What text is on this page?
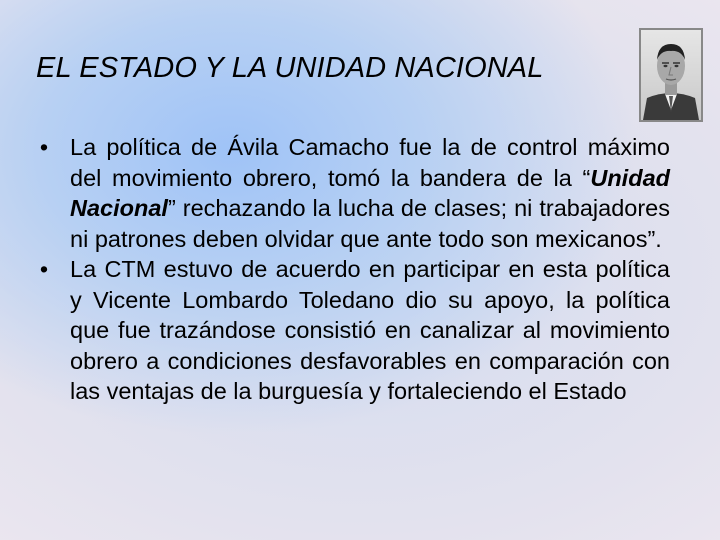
EL ESTADO Y LA UNIDAD NACIONAL
• La política de Ávila Camacho fue la de control máximo del movimiento obrero, tomó la bandera de la “Unidad Nacional” rechazando la lucha de clases; ni trabajadores ni patrones deben olvidar que ante todo son mexicanos”.
• La CTM estuvo de acuerdo en participar en esta política y Vicente Lombardo Toledano dio su apoyo, la política que fue trazándose consistió en canalizar al movimiento obrero a condiciones desfavorables en comparación con las ventajas de la burguesía y fortaleciendo el Estado
